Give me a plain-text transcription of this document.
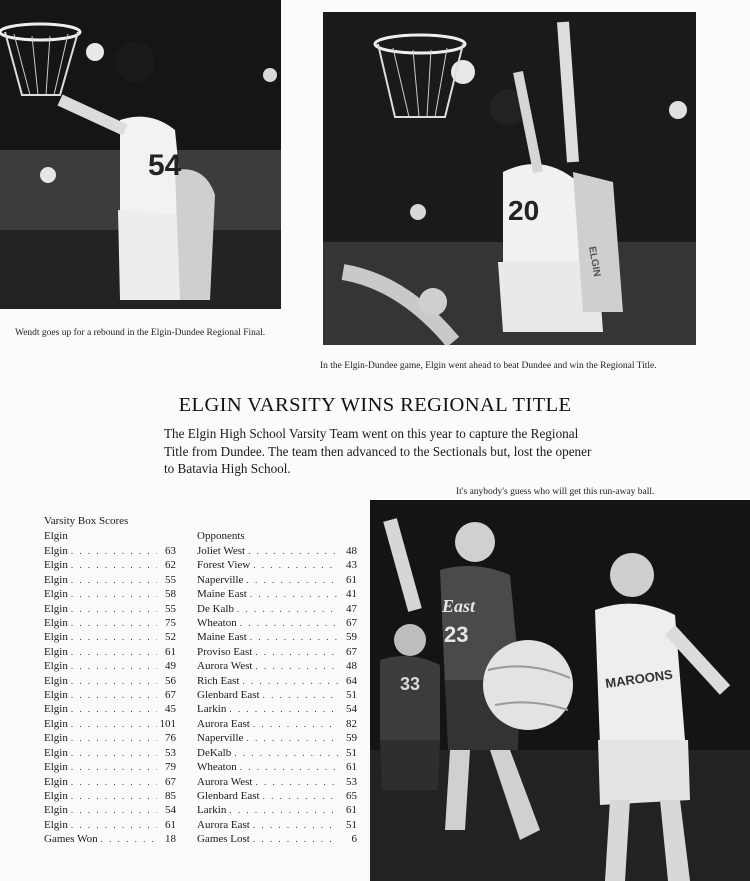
54
Wendt goes up for a rebound in the Elgin-Dundee Regional Final.
20
ELGIN
In the Elgin-Dundee game, Elgin went ahead to beat Dundee and win the Regional Title.
ELGIN VARSITY WINS REGIONAL TITLE
The Elgin High School Varsity Team went on this year to capture the Regional Title from Dundee. The team then advanced to the Sectionals but, lost the opener to Batavia High School.
It's anybody's guess who will get this run-away ball.
East
23
33	MAROONS
Varsity Box Scores
Elgin	Opponents
Elgin . . .	63
Elgin . . .	62
Elgin . . .	55
Elgin . . .	58
Elgin . . .	55
Elgin . . .	75
Elgin . . .	52
Elgin . . .	61
Elgin . . .	49
Elgin . . .	56
Elgin . . .	67
Elgin . . .	45
Elgin . . .	101
Elgin . . .	76
Elgin . . .	53
Elgin . . .	79
Elgin . . .	67
Elgin . . .	85
Elgin . . .	54
Elgin . . .	61
Games Won . . .	18
Joliet West . . .	48
Forest View . . .	43
Naperville . . .	61
Maine East . . .	41
De Kalb . . .	47
Wheaton . . .	67
Maine East . . .	59
Proviso East . . .	67
Aurora West . . .	48
Rich East . . .	64
Glenbard East . . .	51
Larkin . . .	54
Aurora East . . .	82
Naperville . . .	59
DeKalb . . .	51
Wheaton . . .	61
Aurora West . . .	53
Glenbard East . . .	65
Larkin . . .	61
Aurora East . . .	51
Games Lost . . .	6
